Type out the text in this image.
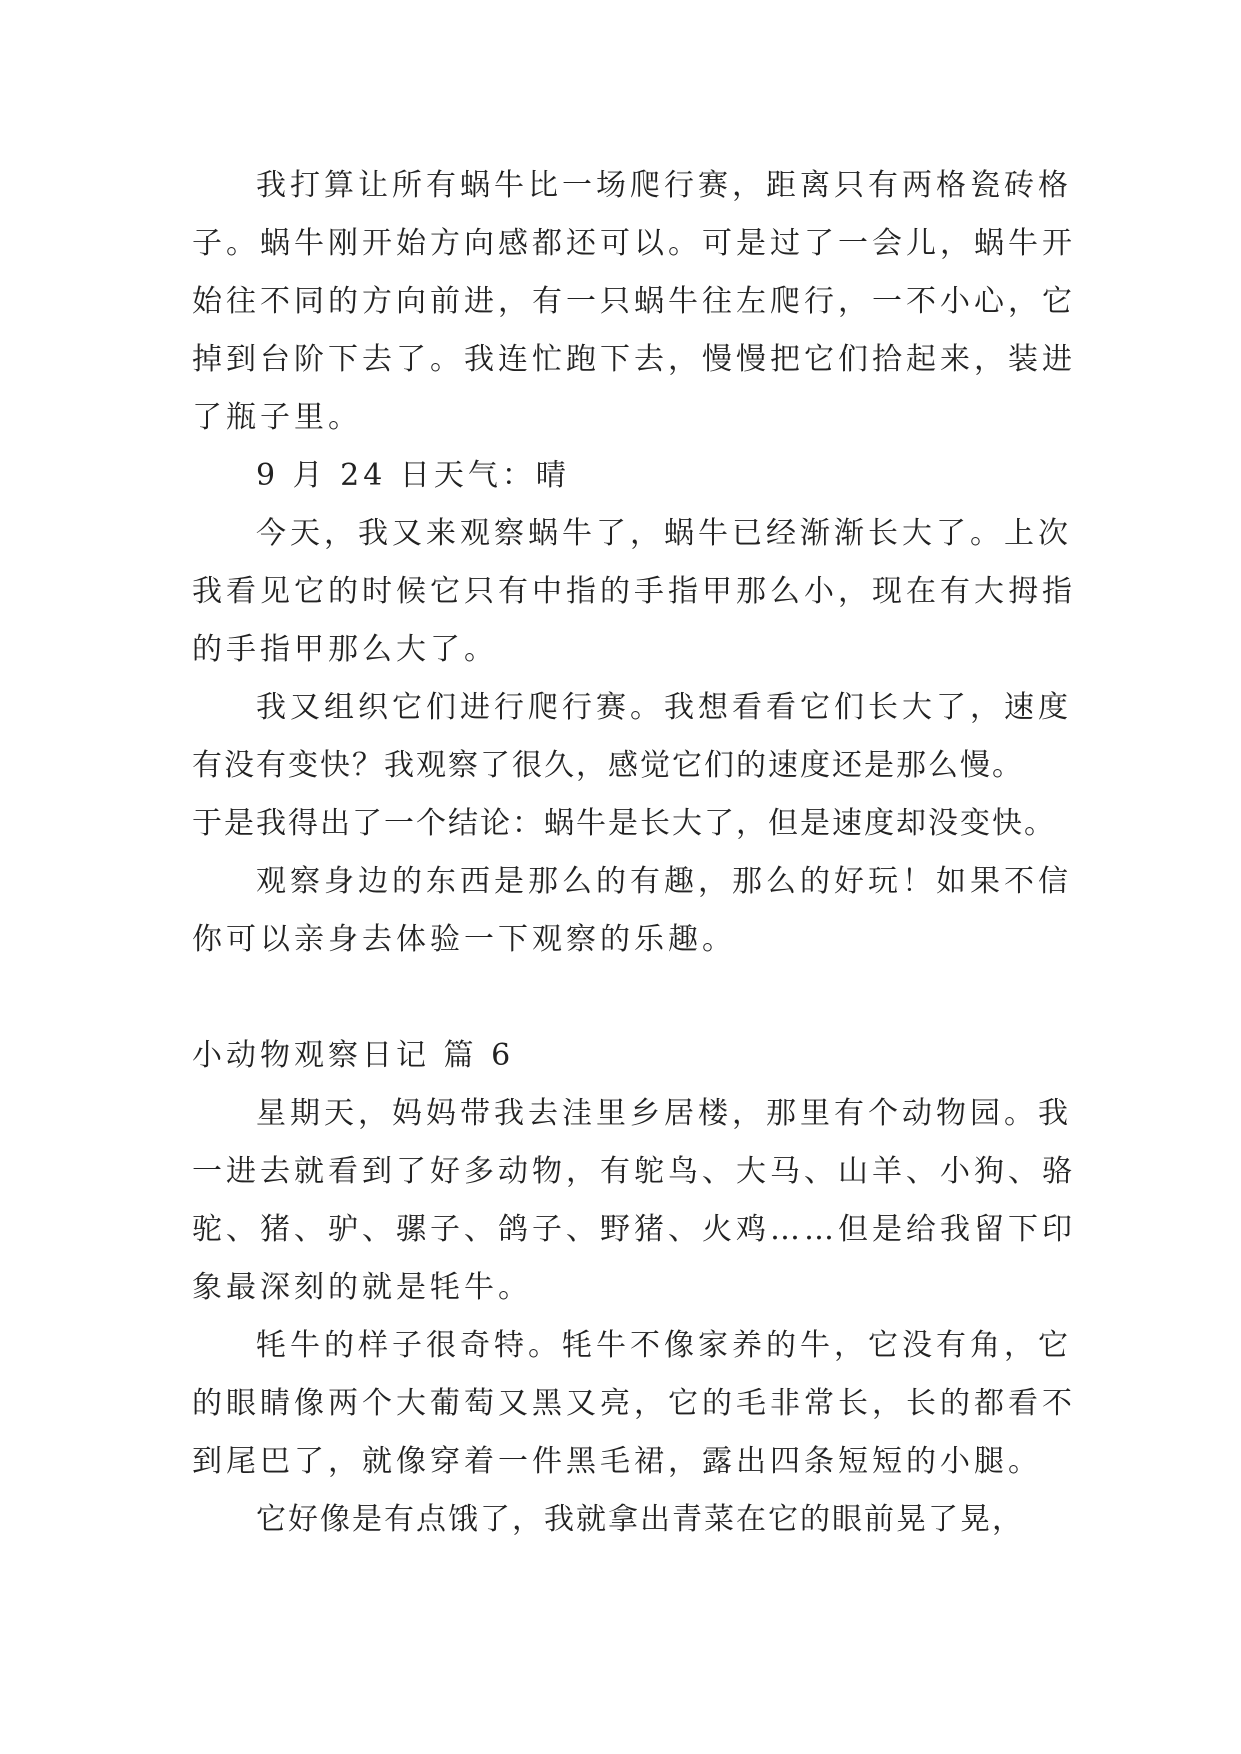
我打算让所有蜗牛比一场爬行赛，距离只有两格瓷砖格
子。蜗牛刚开始方向感都还可以。可是过了一会儿，蜗牛开
始往不同的方向前进，有一只蜗牛往左爬行，一不小心，它
掉到台阶下去了。我连忙跑下去，慢慢把它们拾起来，装进
了瓶子里。
9 月 24 日天气：晴
今天，我又来观察蜗牛了，蜗牛已经渐渐长大了。上次
我看见它的时候它只有中指的手指甲那么小，现在有大拇指
的手指甲那么大了。
我又组织它们进行爬行赛。我想看看它们长大了，速度
有没有变快？我观察了很久，感觉它们的速度还是那么慢。
于是我得出了一个结论：蜗牛是长大了，但是速度却没变快。
观察身边的东西是那么的有趣，那么的好玩！如果不信
你可以亲身去体验一下观察的乐趣。
小动物观察日记 篇 6
星期天，妈妈带我去洼里乡居楼，那里有个动物园。我
一进去就看到了好多动物，有鸵鸟、大马、山羊、小狗、骆
驼、猪、驴、骡子、鸽子、野猪、火鸡……但是给我留下印
象最深刻的就是牦牛。
牦牛的样子很奇特。牦牛不像家养的牛，它没有角，它
的眼睛像两个大葡萄又黑又亮，它的毛非常长，长的都看不
到尾巴了，就像穿着一件黑毛裙，露出四条短短的小腿。
它好像是有点饿了，我就拿出青菜在它的眼前晃了晃，
